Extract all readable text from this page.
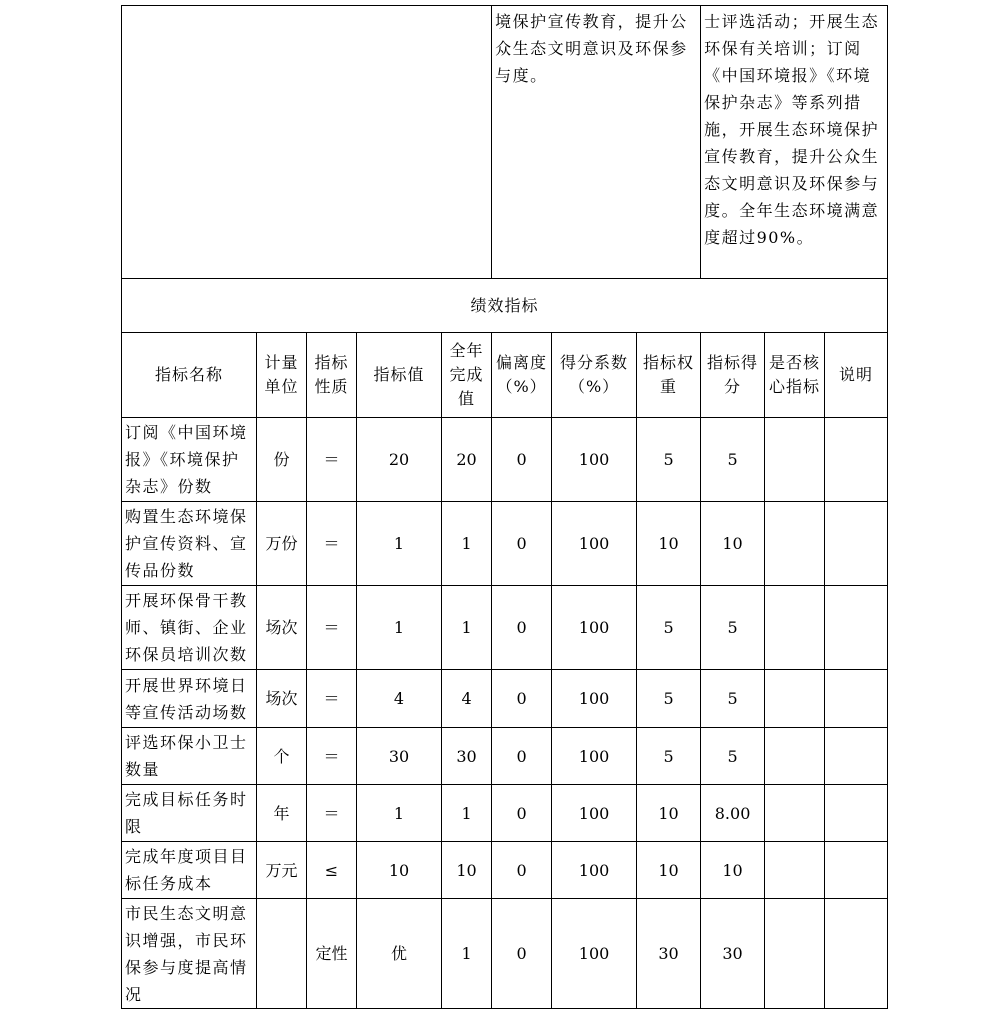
					境保护宣传教育，提升公众生态文明意识及环保参与度。			士评选活动；开展生态环保有关培训；订阅《中国环境报》《环境保护杂志》等系列措施，开展生态环境保护宣传教育，提升公众生态文明意识及环保参与度。全年生态环境满意度超过90%。		
绩效指标										
指标名称	计量单位	指标性质	指标值	全年完成值	偏离度（%）	得分系数（%）	指标权重	指标得分	是否核心指标	说明
订阅《中国环境报》《环境保护杂志》份数	份	＝	20	20	0	100	5	5		
购置生态环境保护宣传资料、宣传品份数	万份	＝	1	1	0	100	10	10		
开展环保骨干教师、镇街、企业环保员培训次数	场次	＝	1	1	0	100	5	5		
开展世界环境日等宣传活动场数	场次	＝	4	4	0	100	5	5		
评选环保小卫士数量	个	＝	30	30	0	100	5	5		
完成目标任务时限	年	＝	1	1	0	100	10	8.00		
完成年度项目目标任务成本	万元	≤	10	10	0	100	10	10		
市民生态文明意识增强，市民环保参与度提高情况		定性	优	1	0	100	30	30		
